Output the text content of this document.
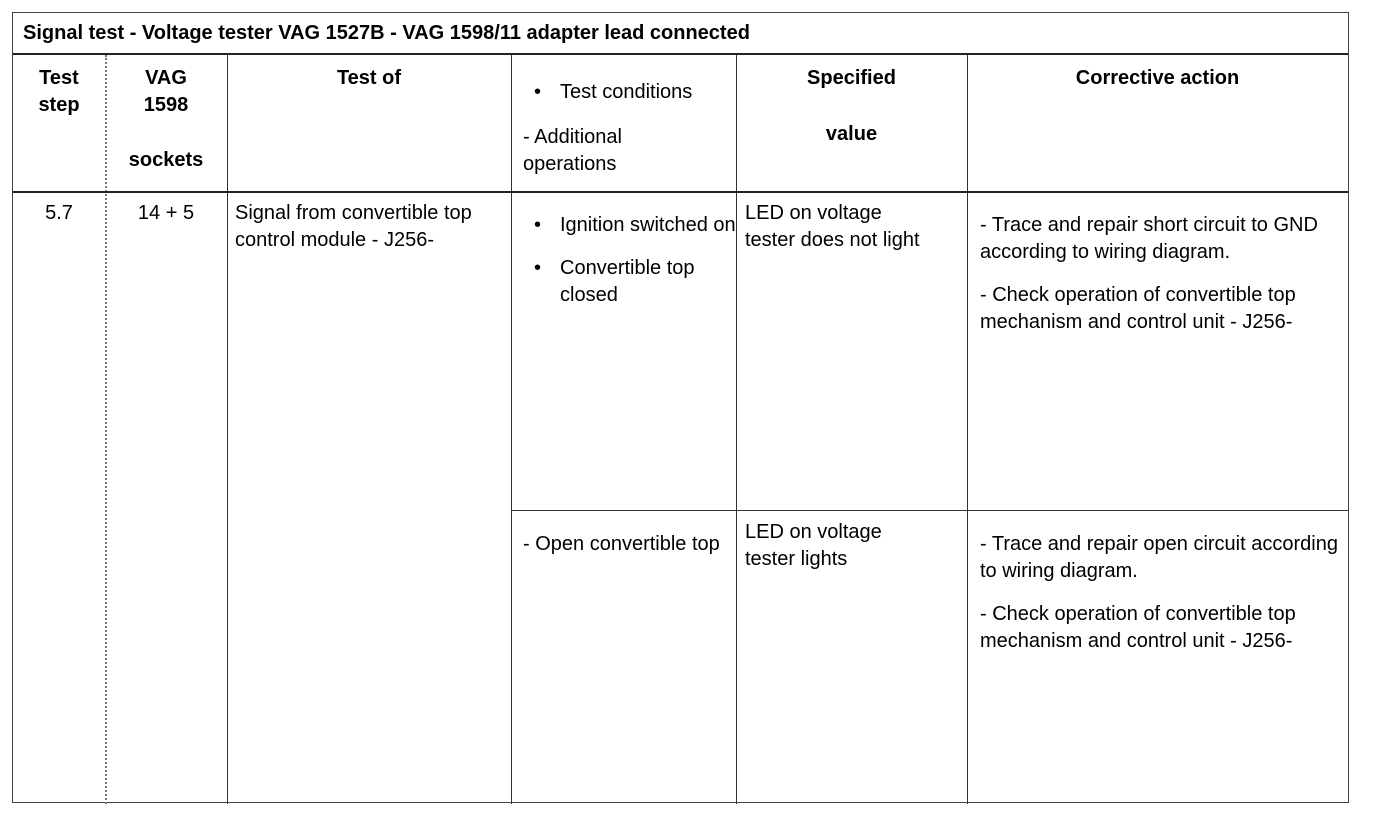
Signal test - Voltage tester VAG 1527B - VAG 1598/11 adapter lead connected
Test step
VAG 1598
sockets
Test of
• Test conditions
- Additional operations
Specified
value
Corrective action
5.7	14 + 5	Signal from convertible top control module - J256-
• Ignition switched on
• Convertible top closed
LED on voltage tester does not light

- Trace and repair short circuit to GND according to wiring diagram.

- Check operation of convertible top mechanism and control unit - J256-

- Open convertible top
LED on voltage tester lights

- Trace and repair open circuit according to wiring diagram.

- Check operation of convertible top mechanism and control unit - J256-
